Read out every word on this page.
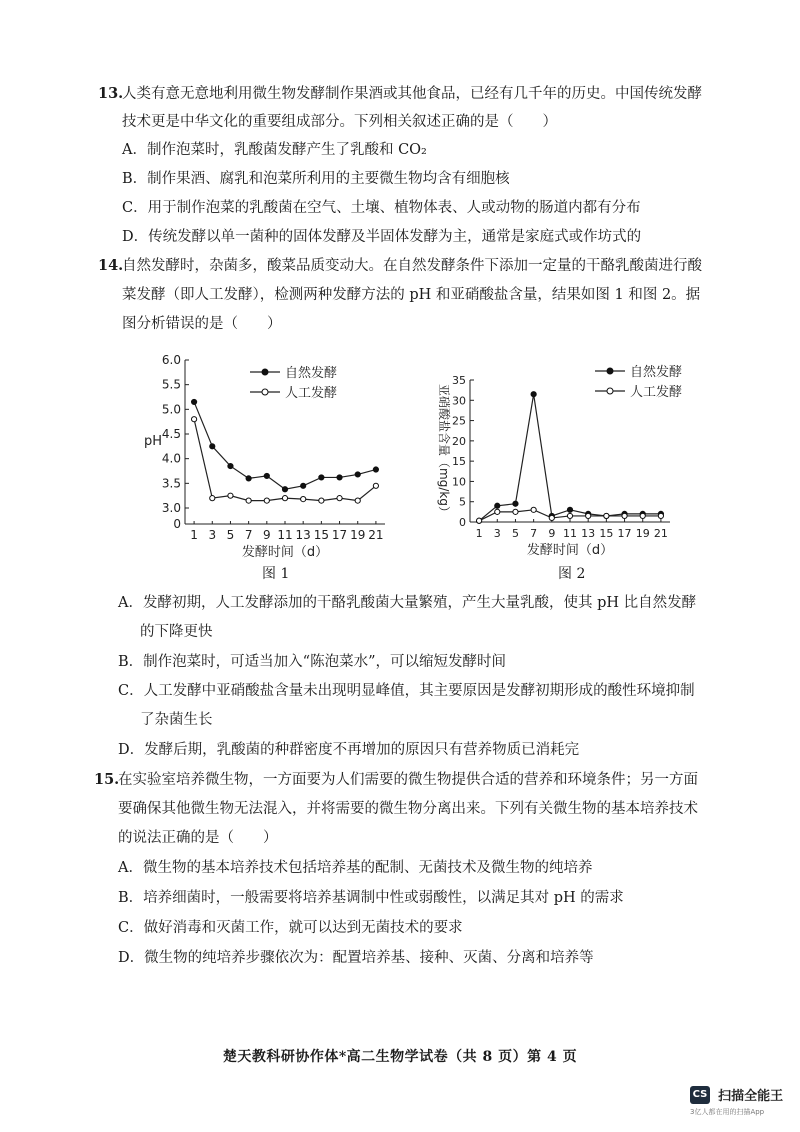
13.
人类有意无意地利用微生物发酵制作果酒或其他食品，已经有几千年的历史。中国传统发酵
技术更是中华文化的重要组成部分。下列相关叙述正确的是（　　）
A．制作泡菜时，乳酸菌发酵产生了乳酸和 CO₂
B．制作果酒、腐乳和泡菜所利用的主要微生物均含有细胞核
C．用于制作泡菜的乳酸菌在空气、土壤、植物体表、人或动物的肠道内都有分布
D．传统发酵以单一菌种的固体发酵及半固体发酵为主，通常是家庭式或作坊式的
14.
自然发酵时，杂菌多，酸菜品质变动大。在自然发酵条件下添加一定量的干酪乳酸菌进行酸
菜发酵（即人工发酵），检测两种发酵方法的 pH 和亚硝酸盐含量，结果如图 1 和图 2。据
图分析错误的是（　　）
0
3.0
3.5
4.0
4.5
5.0
5.5
6.0
1 3 5 7 9 11 13 15 17 19 21
发酵时间（d）
pH
自然发酵
人工发酵
图 1
0
5
10
15
20
25
30
35
1 3 5 7 9 11 13 15 17 19 21
发酵时间（d）
亚硝酸盐含量（mg/kg）
自然发酵
人工发酵
图 2
A．发酵初期，人工发酵添加的干酪乳酸菌大量繁殖，产生大量乳酸，使其 pH 比自然发酵
的下降更快
B．制作泡菜时，可适当加入“陈泡菜水”，可以缩短发酵时间
C．人工发酵中亚硝酸盐含量未出现明显峰值，其主要原因是发酵初期形成的酸性环境抑制
了杂菌生长
D．发酵后期，乳酸菌的种群密度不再增加的原因只有营养物质已消耗完
15.
在实验室培养微生物，一方面要为人们需要的微生物提供合适的营养和环境条件；另一方面
要确保其他微生物无法混入，并将需要的微生物分离出来。下列有关微生物的基本培养技术
的说法正确的是（　　）
A．微生物的基本培养技术包括培养基的配制、无菌技术及微生物的纯培养
B．培养细菌时，一般需要将培养基调制中性或弱酸性，以满足其对 pH 的需求
C．做好消毒和灭菌工作，就可以达到无菌技术的要求
D．微生物的纯培养步骤依次为：配置培养基、接种、灭菌、分离和培养等
楚天教科研协作体*高二生物学试卷（共 8 页）第 4 页
CS 扫描全能王
3亿人都在用的扫描App
